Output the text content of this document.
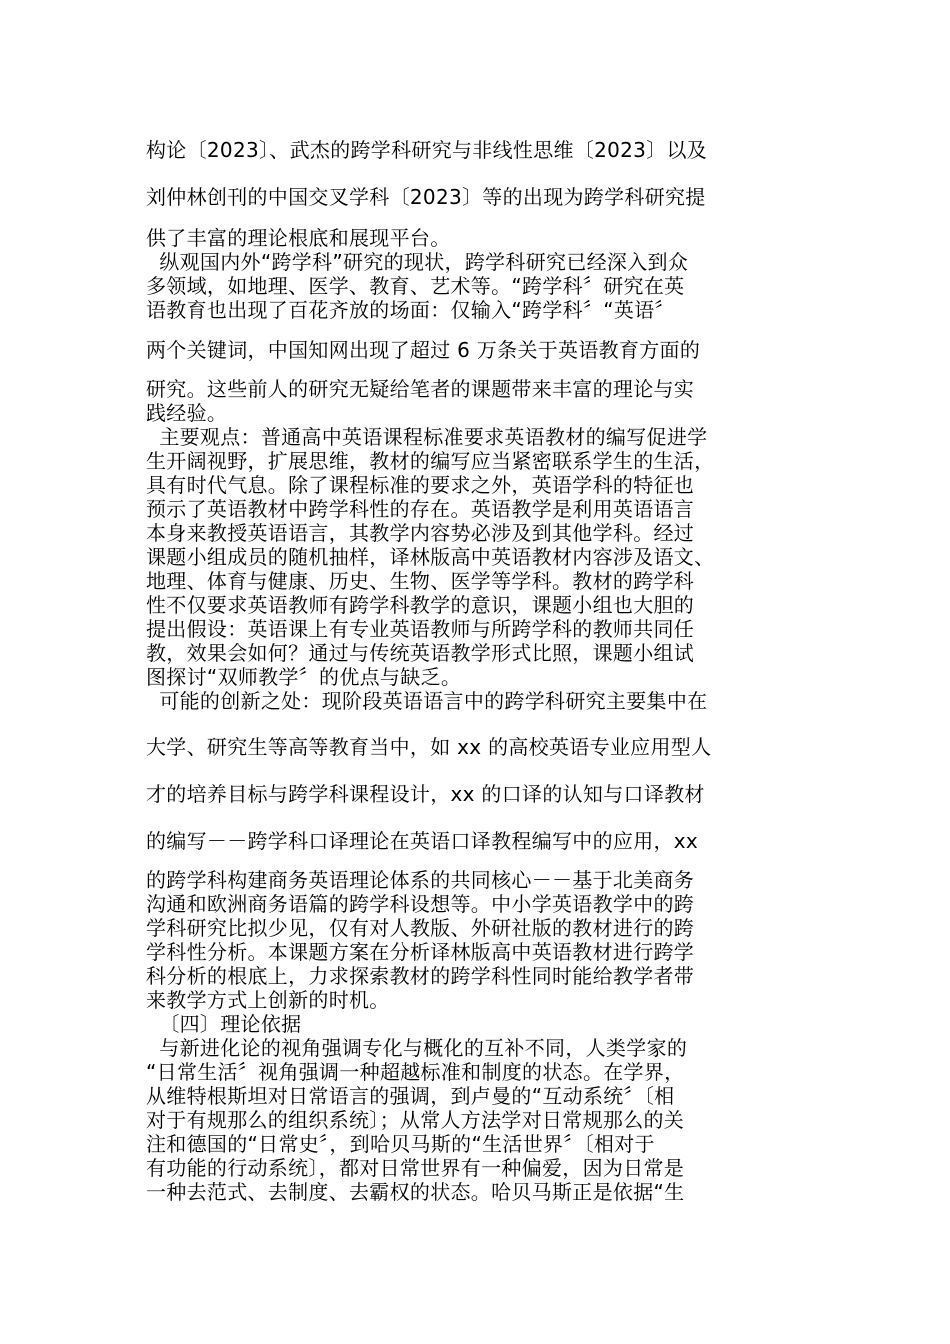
构论〔2023〕、武杰的跨学科研究与非线性思维〔2023〕以及
刘仲林创刊的中国交叉学科〔2023〕等的出现为跨学科研究提
供了丰富的理论根底和展现平台。
纵观国内外“跨学科”研究的现状，跨学科研究已经深入到众
多领域，如地理、医学、教育、艺术等。“跨学科〞研究在英
语教育也出现了百花齐放的场面：仅输入“跨学科〞“英语〞
两个关键词，中国知网出现了超过 6 万条关于英语教育方面的
研究。这些前人的研究无疑给笔者的课题带来丰富的理论与实
践经验。
主要观点：普通高中英语课程标准要求英语教材的编写促进学
生开阔视野，扩展思维，教材的编写应当紧密联系学生的生活，
具有时代气息。除了课程标准的要求之外，英语学科的特征也
预示了英语教材中跨学科性的存在。英语教学是利用英语语言
本身来教授英语语言，其教学内容势必涉及到其他学科。经过
课题小组成员的随机抽样，译林版高中英语教材内容涉及语文、
地理、体育与健康、历史、生物、医学等学科。教材的跨学科
性不仅要求英语教师有跨学科教学的意识，课题小组也大胆的
提出假设：英语课上有专业英语教师与所跨学科的教师共同任
教，效果会如何？通过与传统英语教学形式比照，课题小组试
图探讨“双师教学〞的优点与缺乏。
可能的创新之处：现阶段英语语言中的跨学科研究主要集中在
大学、研究生等高等教育当中，如 xx 的高校英语专业应用型人
才的培养目标与跨学科课程设计，xx 的口译的认知与口译教材
的编写－－跨学科口译理论在英语口译教程编写中的应用，xx
的跨学科构建商务英语理论体系的共同核心－－基于北美商务
沟通和欧洲商务语篇的跨学科设想等。中小学英语教学中的跨
学科研究比拟少见，仅有对人教版、外研社版的教材进行的跨
学科性分析。本课题方案在分析译林版高中英语教材进行跨学
科分析的根底上，力求探索教材的跨学科性同时能给教学者带
来教学方式上创新的时机。
〔四〕理论依据
与新进化论的视角强调专化与概化的互补不同，人类学家的
“日常生活〞视角强调一种超越标准和制度的状态。在学界，
从维特根斯坦对日常语言的强调，到卢曼的“互动系统〞〔相
对于有规那么的组织系统〕；从常人方法学对日常规那么的关
注和德国的“日常史〞，到哈贝马斯的“生活世界〞〔相对于
有功能的行动系统〕，都对日常世界有一种偏爱，因为日常是
一种去范式、去制度、去霸权的状态。哈贝马斯正是依据“生
